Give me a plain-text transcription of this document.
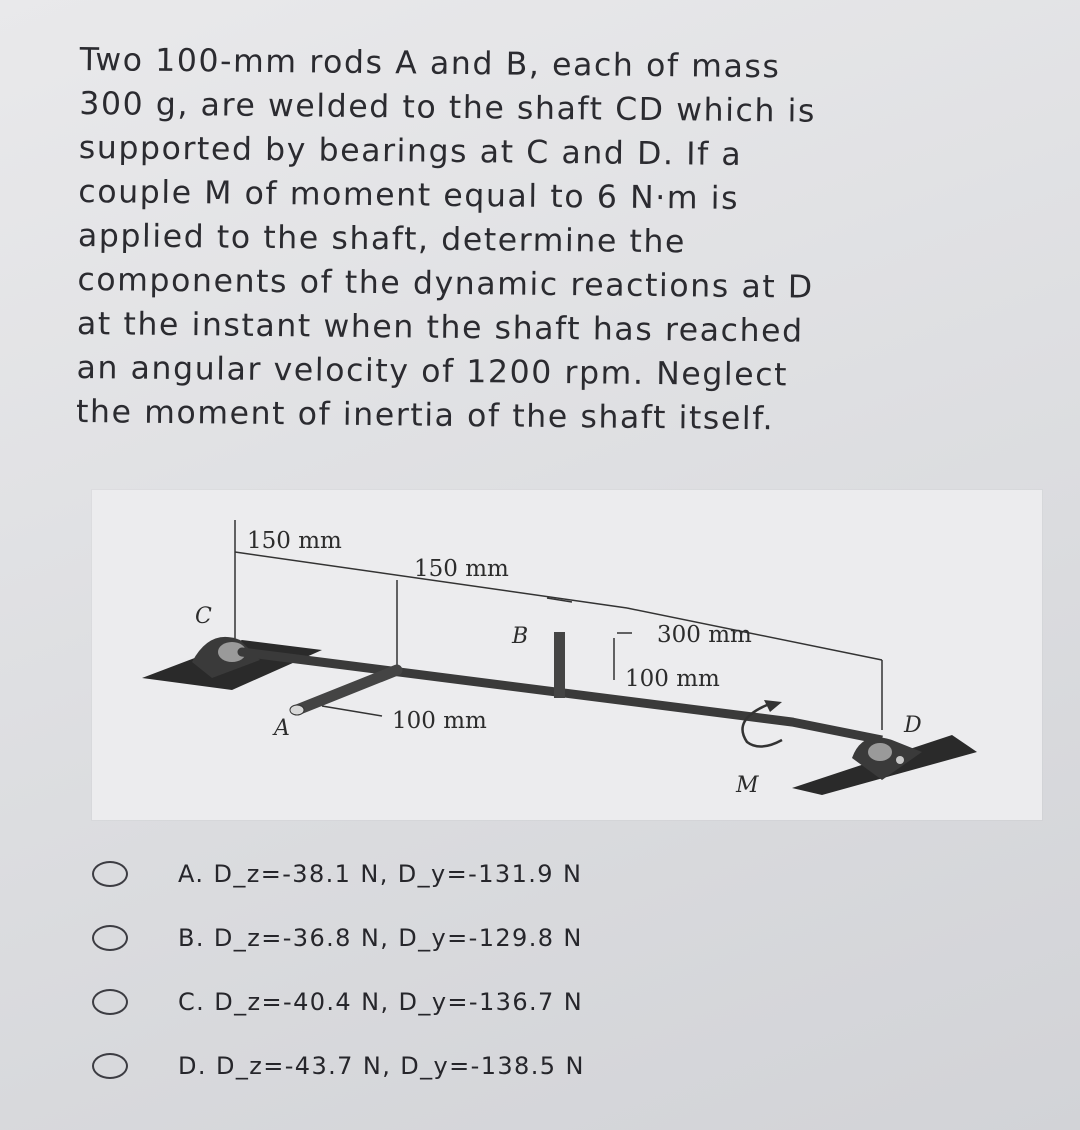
Two 100-mm rods A and B, each of mass

300 g, are welded to the shaft CD which is

supported by bearings at C and D. If a

couple M of moment equal to 6 N·m is

applied to the shaft, determine the

components of the dynamic reactions at D

at the instant when the shaft has reached

an angular velocity of 1200 rpm. Neglect

the moment of inertia of the shaft itself.

150 mm
150 mm
300 mm
100 mm
100 mm
C
A
B
D
M
A. D_z=-38.1 N, D_y=-131.9 N
B. D_z=-36.8 N, D_y=-129.8 N
C. D_z=-40.4 N, D_y=-136.7 N
D. D_z=-43.7 N, D_y=-138.5 N
